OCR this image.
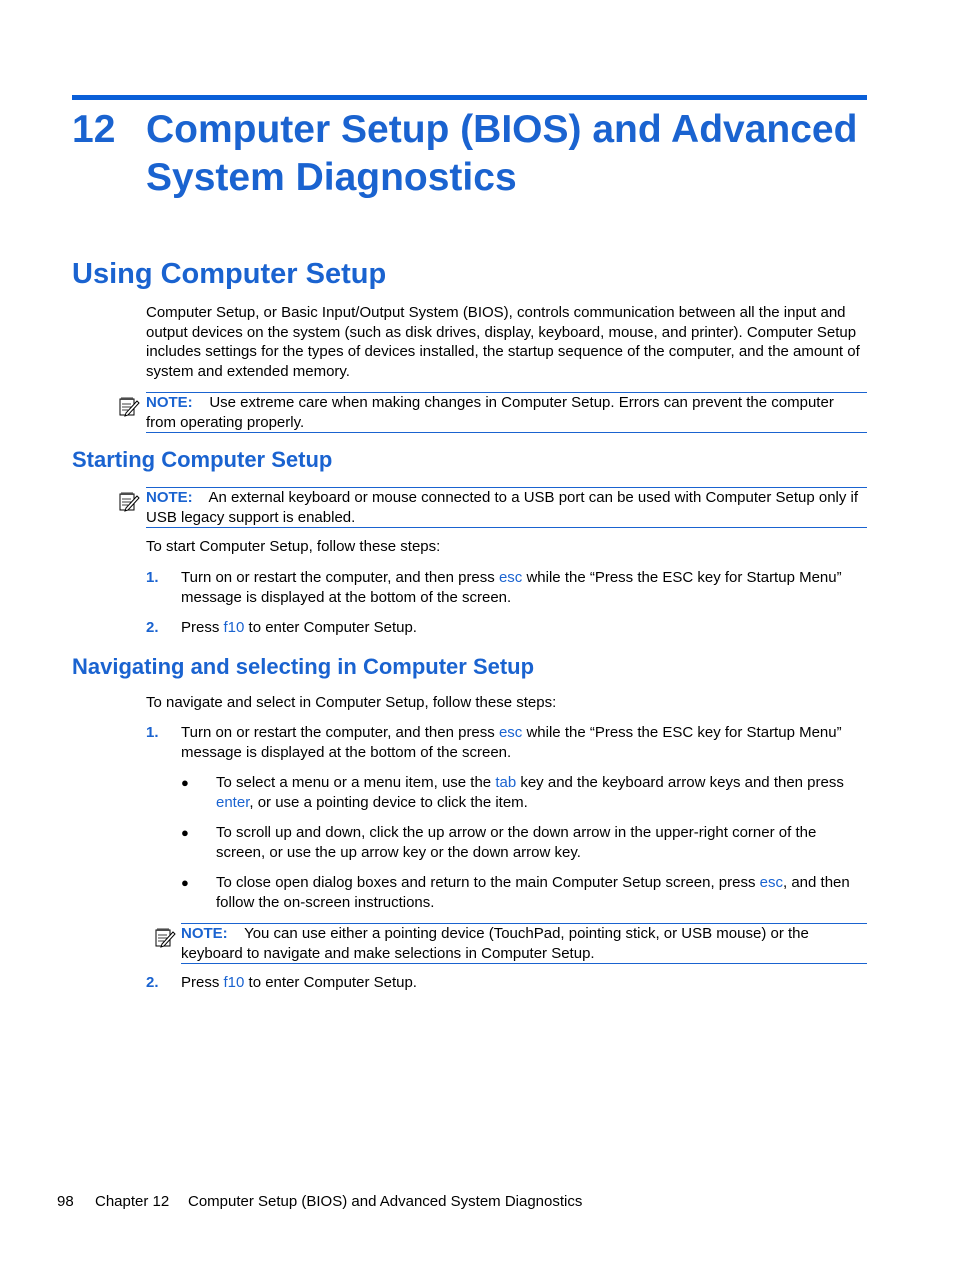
12 Computer Setup (BIOS) and Advanced
System Diagnostics
Using Computer Setup
Computer Setup, or Basic Input/Output System (BIOS), controls communication between all the input and output devices on the system (such as disk drives, display, keyboard, mouse, and printer). Computer Setup includes settings for the types of devices installed, the startup sequence of the computer, and the amount of system and extended memory.
NOTE: Use extreme care when making changes in Computer Setup. Errors can prevent the computer from operating properly.
Starting Computer Setup
NOTE: An external keyboard or mouse connected to a USB port can be used with Computer Setup only if USB legacy support is enabled.
To start Computer Setup, follow these steps:
1. Turn on or restart the computer, and then press esc while the “Press the ESC key for Startup Menu” message is displayed at the bottom of the screen.
2. Press f10 to enter Computer Setup.
Navigating and selecting in Computer Setup
To navigate and select in Computer Setup, follow these steps:
1. Turn on or restart the computer, and then press esc while the “Press the ESC key for Startup Menu” message is displayed at the bottom of the screen.
● To select a menu or a menu item, use the tab key and the keyboard arrow keys and then press enter, or use a pointing device to click the item.
● To scroll up and down, click the up arrow or the down arrow in the upper-right corner of the screen, or use the up arrow key or the down arrow key.
● To close open dialog boxes and return to the main Computer Setup screen, press esc, and then follow the on-screen instructions.
NOTE: You can use either a pointing device (TouchPad, pointing stick, or USB mouse) or the keyboard to navigate and make selections in Computer Setup.
2. Press f10 to enter Computer Setup.
98 Chapter 12 Computer Setup (BIOS) and Advanced System Diagnostics
